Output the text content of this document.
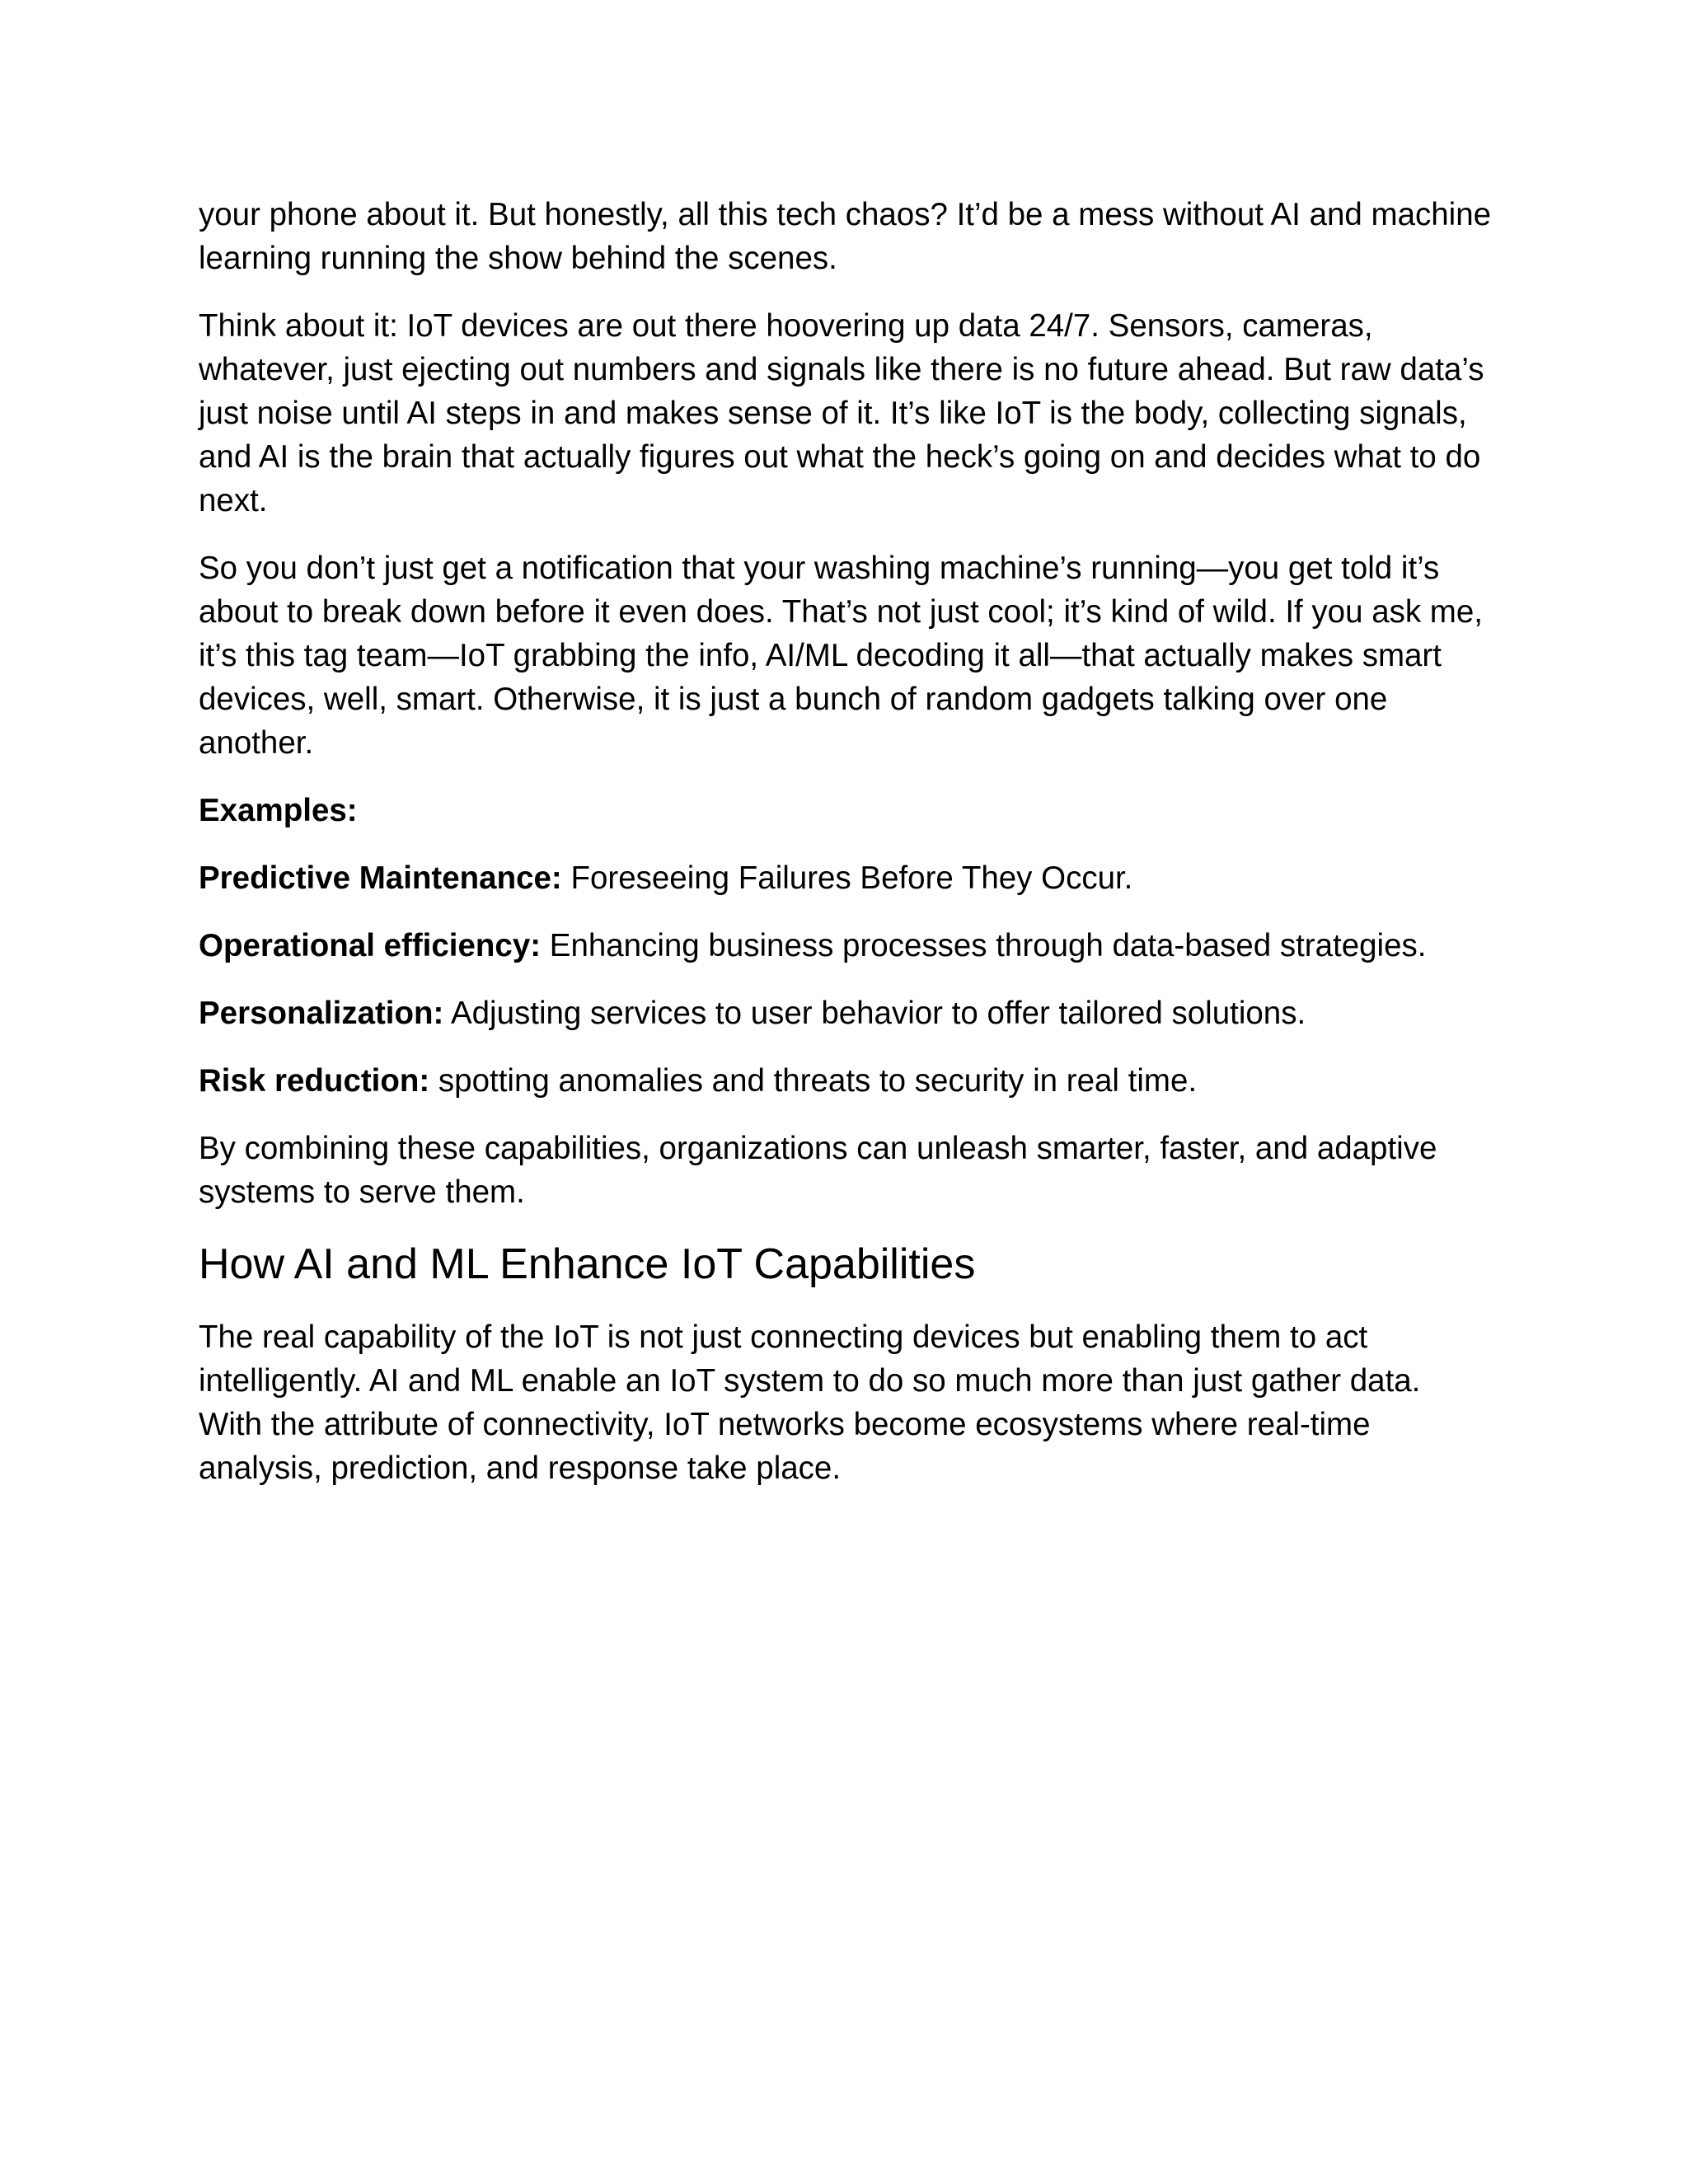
your phone about it. But honestly, all this tech chaos? It’d be a mess without AI and machine learning running the show behind the scenes.

Think about it: IoT devices are out there hoovering up data 24/7. Sensors, cameras, whatever, just ejecting out numbers and signals like there is no future ahead. But raw data’s just noise until AI steps in and makes sense of it. It’s like IoT is the body, collecting signals, and AI is the brain that actually figures out what the heck’s going on and decides what to do next.

So you don’t just get a notification that your washing machine’s running—you get told it’s about to break down before it even does. That’s not just cool; it’s kind of wild. If you ask me, it’s this tag team—IoT grabbing the info, AI/ML decoding it all—that actually makes smart devices, well, smart. Otherwise, it is just a bunch of random gadgets talking over one another.

Examples:

Predictive Maintenance: Foreseeing Failures Before They Occur.

Operational efficiency: Enhancing business processes through data-based strategies.

Personalization: Adjusting services to user behavior to offer tailored solutions.

Risk reduction: spotting anomalies and threats to security in real time.

By combining these capabilities, organizations can unleash smarter, faster, and adaptive systems to serve them.

How AI and ML Enhance IoT Capabilities

The real capability of the IoT is not just connecting devices but enabling them to act intelligently. AI and ML enable an IoT system to do so much more than just gather data. With the attribute of connectivity, IoT networks become ecosystems where real-time analysis, prediction, and response take place.
